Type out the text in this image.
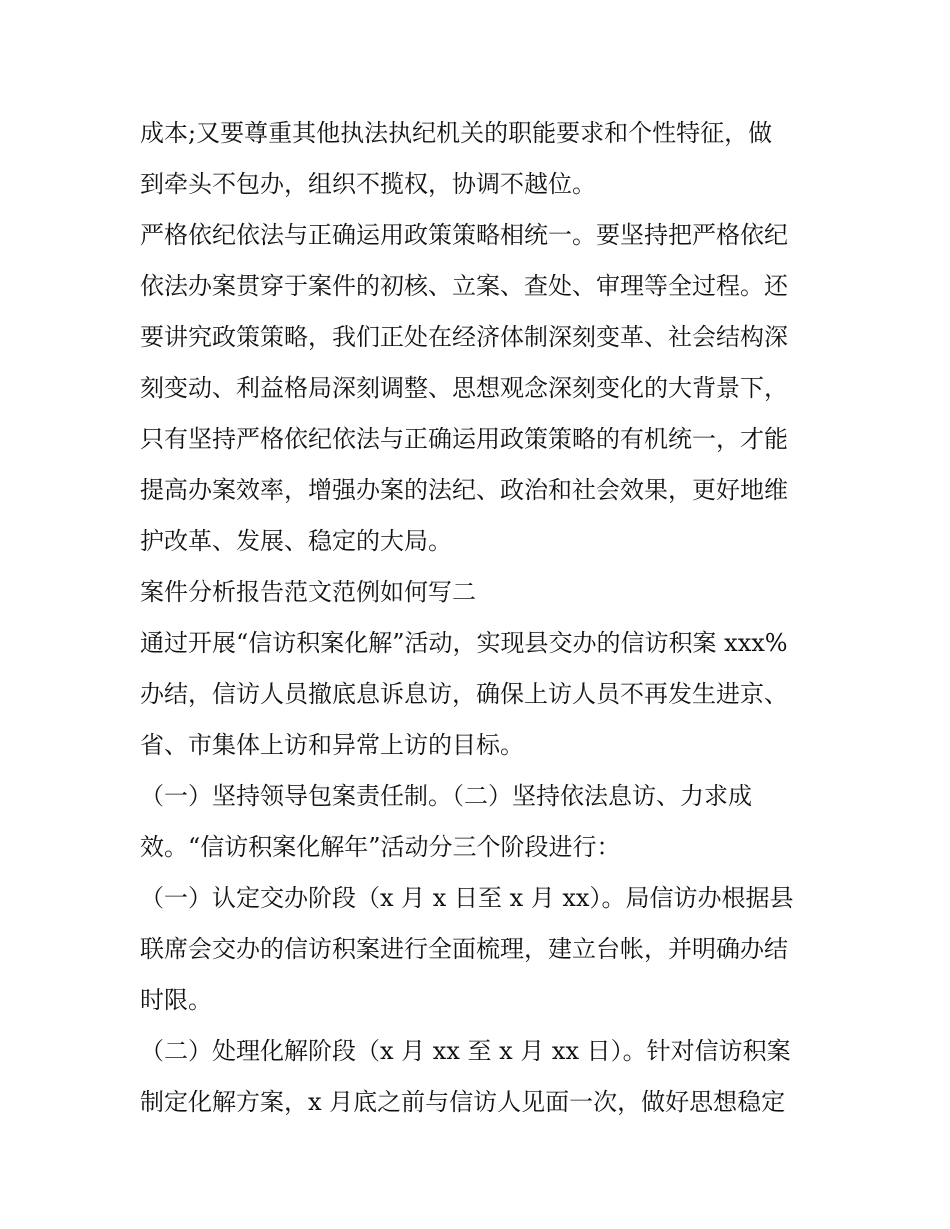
成本;又要尊重其他执法执纪机关的职能要求和个性特征，做
到牵头不包办，组织不揽权，协调不越位。
严格依纪依法与正确运用政策策略相统一。要坚持把严格依纪
依法办案贯穿于案件的初核、立案、查处、审理等全过程。还
要讲究政策策略，我们正处在经济体制深刻变革、社会结构深
刻变动、利益格局深刻调整、思想观念深刻变化的大背景下，
只有坚持严格依纪依法与正确运用政策策略的有机统一，才能
提高办案效率，增强办案的法纪、政治和社会效果，更好地维
护改革、发展、稳定的大局。
案件分析报告范文范例如何写二
通过开展“信访积案化解”活动，实现县交办的信访积案 xxx%
办结，信访人员撤底息诉息访，确保上访人员不再发生进京、
省、市集体上访和异常上访的目标。
（一）坚持领导包案责任制。（二）坚持依法息访、力求成
效。“信访积案化解年”活动分三个阶段进行：
（一）认定交办阶段（x 月 x 日至 x 月 xx）。局信访办根据县
联席会交办的信访积案进行全面梳理，建立台帐，并明确办结
时限。
（二）处理化解阶段（x 月 xx 至 x 月 xx 日）。针对信访积案
制定化解方案，x 月底之前与信访人见面一次，做好思想稳定
